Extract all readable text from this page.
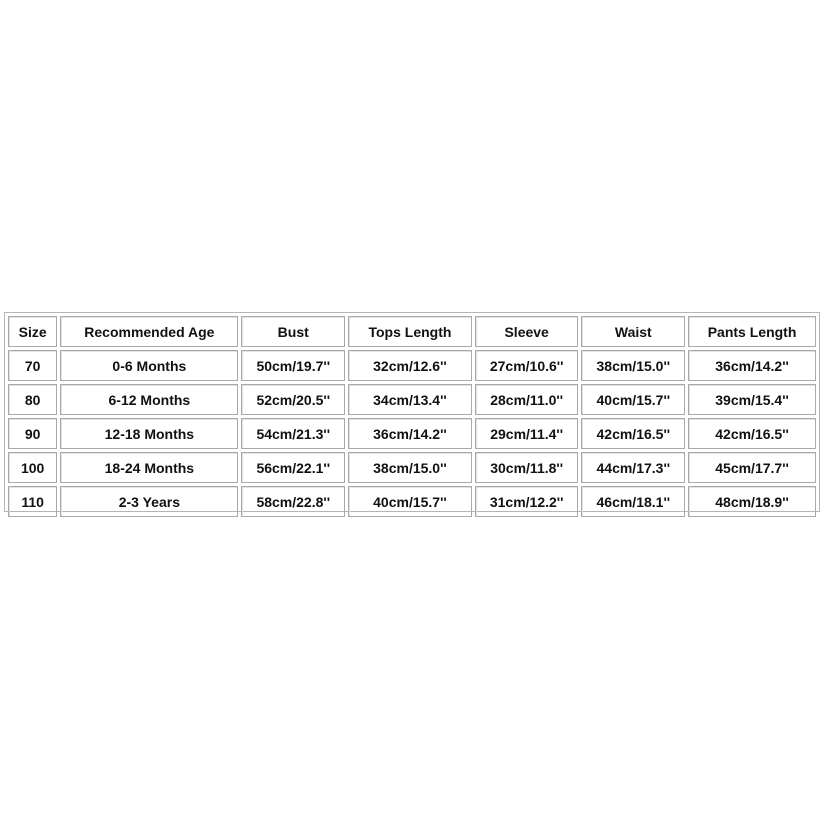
Size	Recommended Age	Bust	Tops Length	Sleeve	Waist	Pants Length
70	0-6 Months	50cm/19.7''	32cm/12.6''	27cm/10.6''	38cm/15.0''	36cm/14.2''
80	6-12 Months	52cm/20.5''	34cm/13.4''	28cm/11.0''	40cm/15.7''	39cm/15.4''
90	12-18 Months	54cm/21.3''	36cm/14.2''	29cm/11.4''	42cm/16.5''	42cm/16.5''
100	18-24 Months	56cm/22.1''	38cm/15.0''	30cm/11.8''	44cm/17.3''	45cm/17.7''
110	2-3 Years	58cm/22.8''	40cm/15.7''	31cm/12.2''	46cm/18.1''	48cm/18.9''
